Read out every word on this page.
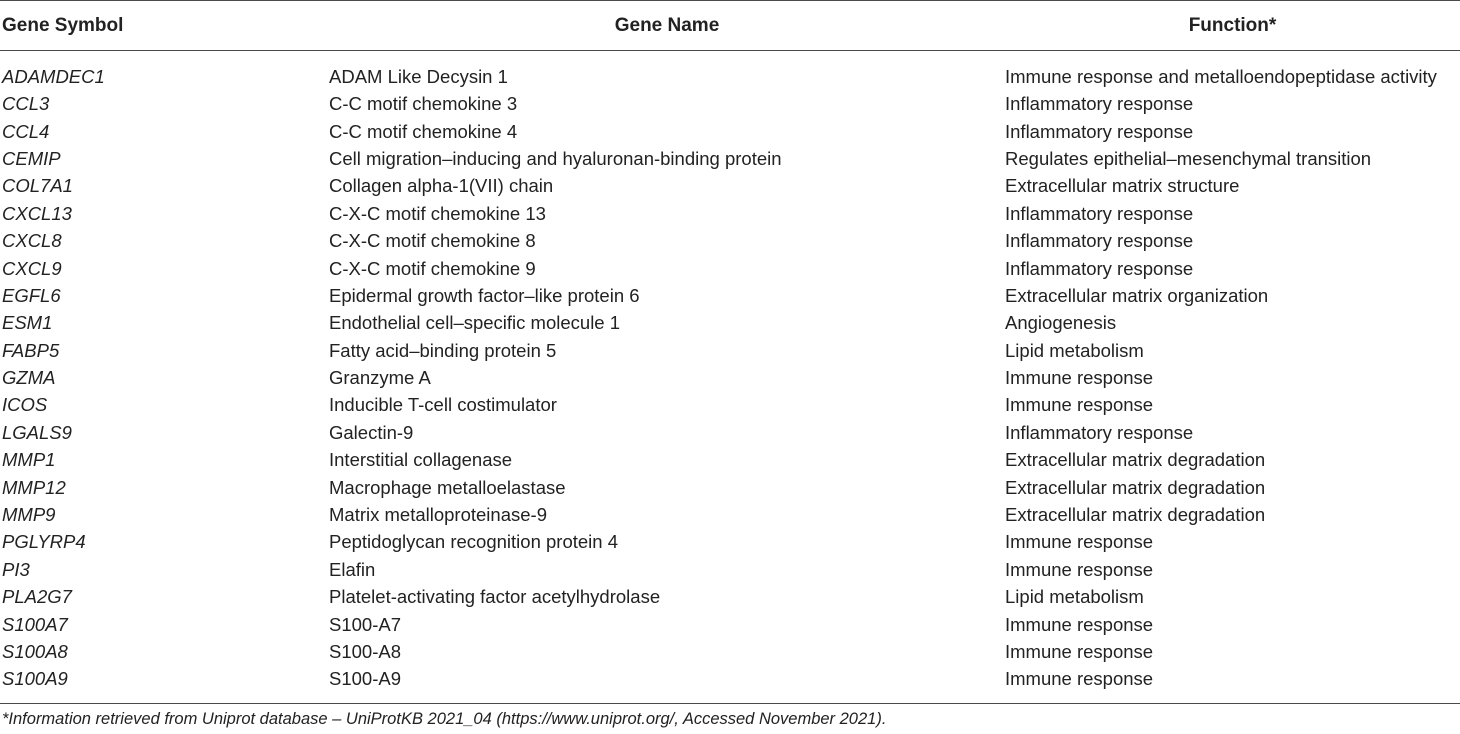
Gene Symbol	Gene Name	Function*
ADAMDEC1	ADAM Like Decysin 1	Immune response and metalloendopeptidase activity
CCL3	C-C motif chemokine 3	Inflammatory response
CCL4	C-C motif chemokine 4	Inflammatory response
CEMIP	Cell migration–inducing and hyaluronan-binding protein	Regulates epithelial–mesenchymal transition
COL7A1	Collagen alpha-1(VII) chain	Extracellular matrix structure
CXCL13	C-X-C motif chemokine 13	Inflammatory response
CXCL8	C-X-C motif chemokine 8	Inflammatory response
CXCL9	C-X-C motif chemokine 9	Inflammatory response
EGFL6	Epidermal growth factor–like protein 6	Extracellular matrix organization
ESM1	Endothelial cell–specific molecule 1	Angiogenesis
FABP5	Fatty acid–binding protein 5	Lipid metabolism
GZMA	Granzyme A	Immune response
ICOS	Inducible T-cell costimulator	Immune response
LGALS9	Galectin-9	Inflammatory response
MMP1	Interstitial collagenase	Extracellular matrix degradation
MMP12	Macrophage metalloelastase	Extracellular matrix degradation
MMP9	Matrix metalloproteinase-9	Extracellular matrix degradation
PGLYRP4	Peptidoglycan recognition protein 4	Immune response
PI3	Elafin	Immune response
PLA2G7	Platelet-activating factor acetylhydrolase	Lipid metabolism
S100A7	S100-A7	Immune response
S100A8	S100-A8	Immune response
S100A9	S100-A9	Immune response
*Information retrieved from Uniprot database – UniProtKB 2021_04 (https://www.uniprot.org/, Accessed November 2021).
